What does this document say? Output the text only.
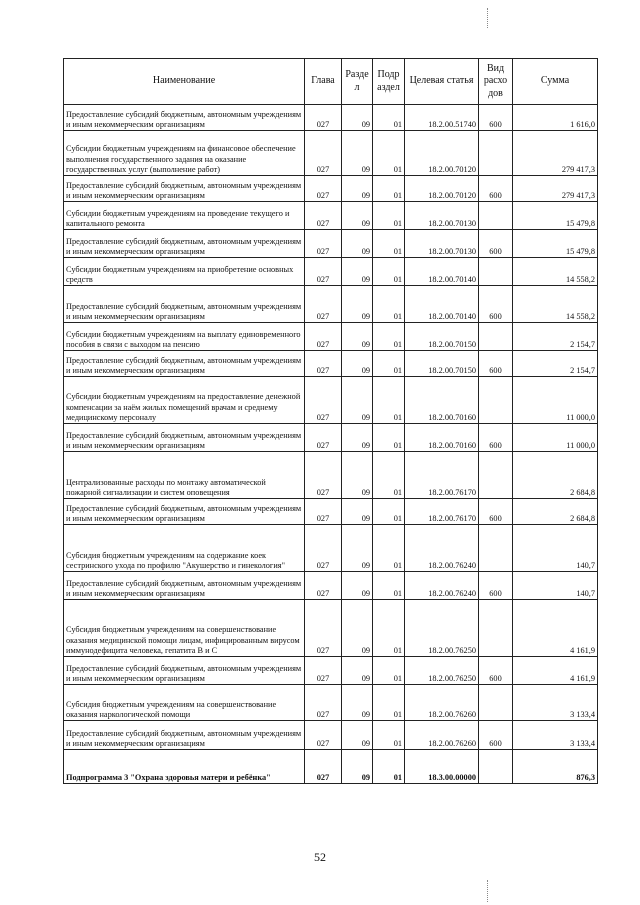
Наименование	Глава	Разде л	Подр аздел	Целевая статья	Вид расхо дов	Сумма
Предоставление субсидий бюджетным, автономным учреждениям и иным некоммерческим организациям	027	09	01	18.2.00.51740	600	1 616,0
Субсидии бюджетным учреждениям на финансовое обеспечение выполнения государственного задания на оказание государственных услуг (выполнение работ)	027	09	01	18.2.00.70120		279 417,3
Предоставление субсидий бюджетным, автономным учреждениям и иным некоммерческим организациям	027	09	01	18.2.00.70120	600	279 417,3
Субсидии бюджетным учреждениям на проведение текущего и капитального ремонта	027	09	01	18.2.00.70130		15 479,8
Предоставление субсидий бюджетным, автономным учреждениям и иным некоммерческим организациям	027	09	01	18.2.00.70130	600	15 479,8
Субсидии бюджетным учреждениям на приобретение основных средств	027	09	01	18.2.00.70140		14 558,2
Предоставление субсидий бюджетным, автономным учреждениям и иным некоммерческим организациям	027	09	01	18.2.00.70140	600	14 558,2
Субсидии бюджетным учреждениям на выплату единовременного пособия в связи с выходом на пенсию	027	09	01	18.2.00.70150		2 154,7
Предоставление субсидий бюджетным, автономным учреждениям и иным некоммерческим организациям	027	09	01	18.2.00.70150	600	2 154,7
Субсидии бюджетным учреждениям на предоставление денежной компенсации за наём жилых помещений врачам и среднему медицинскому персоналу	027	09	01	18.2.00.70160		11 000,0
Предоставление субсидий бюджетным, автономным учреждениям и иным некоммерческим организациям	027	09	01	18.2.00.70160	600	11 000,0
Централизованные расходы по монтажу автоматической пожарной сигнализации и систем оповещения	027	09	01	18.2.00.76170		2 684,8
Предоставление субсидий бюджетным, автономным учреждениям и иным некоммерческим организациям	027	09	01	18.2.00.76170	600	2 684,8
Субсидия бюджетным учреждениям на содержание коек сестринского ухода по профилю "Акушерство и гинекология"	027	09	01	18.2.00.76240		140,7
Предоставление субсидий бюджетным, автономным учреждениям и иным некоммерческим организациям	027	09	01	18.2.00.76240	600	140,7
Субсидия бюджетным учреждениям на совершенствование оказания медицинской помощи лицам, инфицированным вирусом иммунодефицита человека, гепатита В и С	027	09	01	18.2.00.76250		4 161,9
Предоставление субсидий бюджетным, автономным учреждениям и иным некоммерческим организациям	027	09	01	18.2.00.76250	600	4 161,9
Субсидия бюджетным учреждениям на совершенствование оказания наркологической помощи	027	09	01	18.2.00.76260		3 133,4
Предоставление субсидий бюджетным, автономным учреждениям и иным некоммерческим организациям	027	09	01	18.2.00.76260	600	3 133,4
Подпрограмма 3 "Охрана здоровья матери и ребёнка"	027	09	01	18.3.00.00000		876,3
52
